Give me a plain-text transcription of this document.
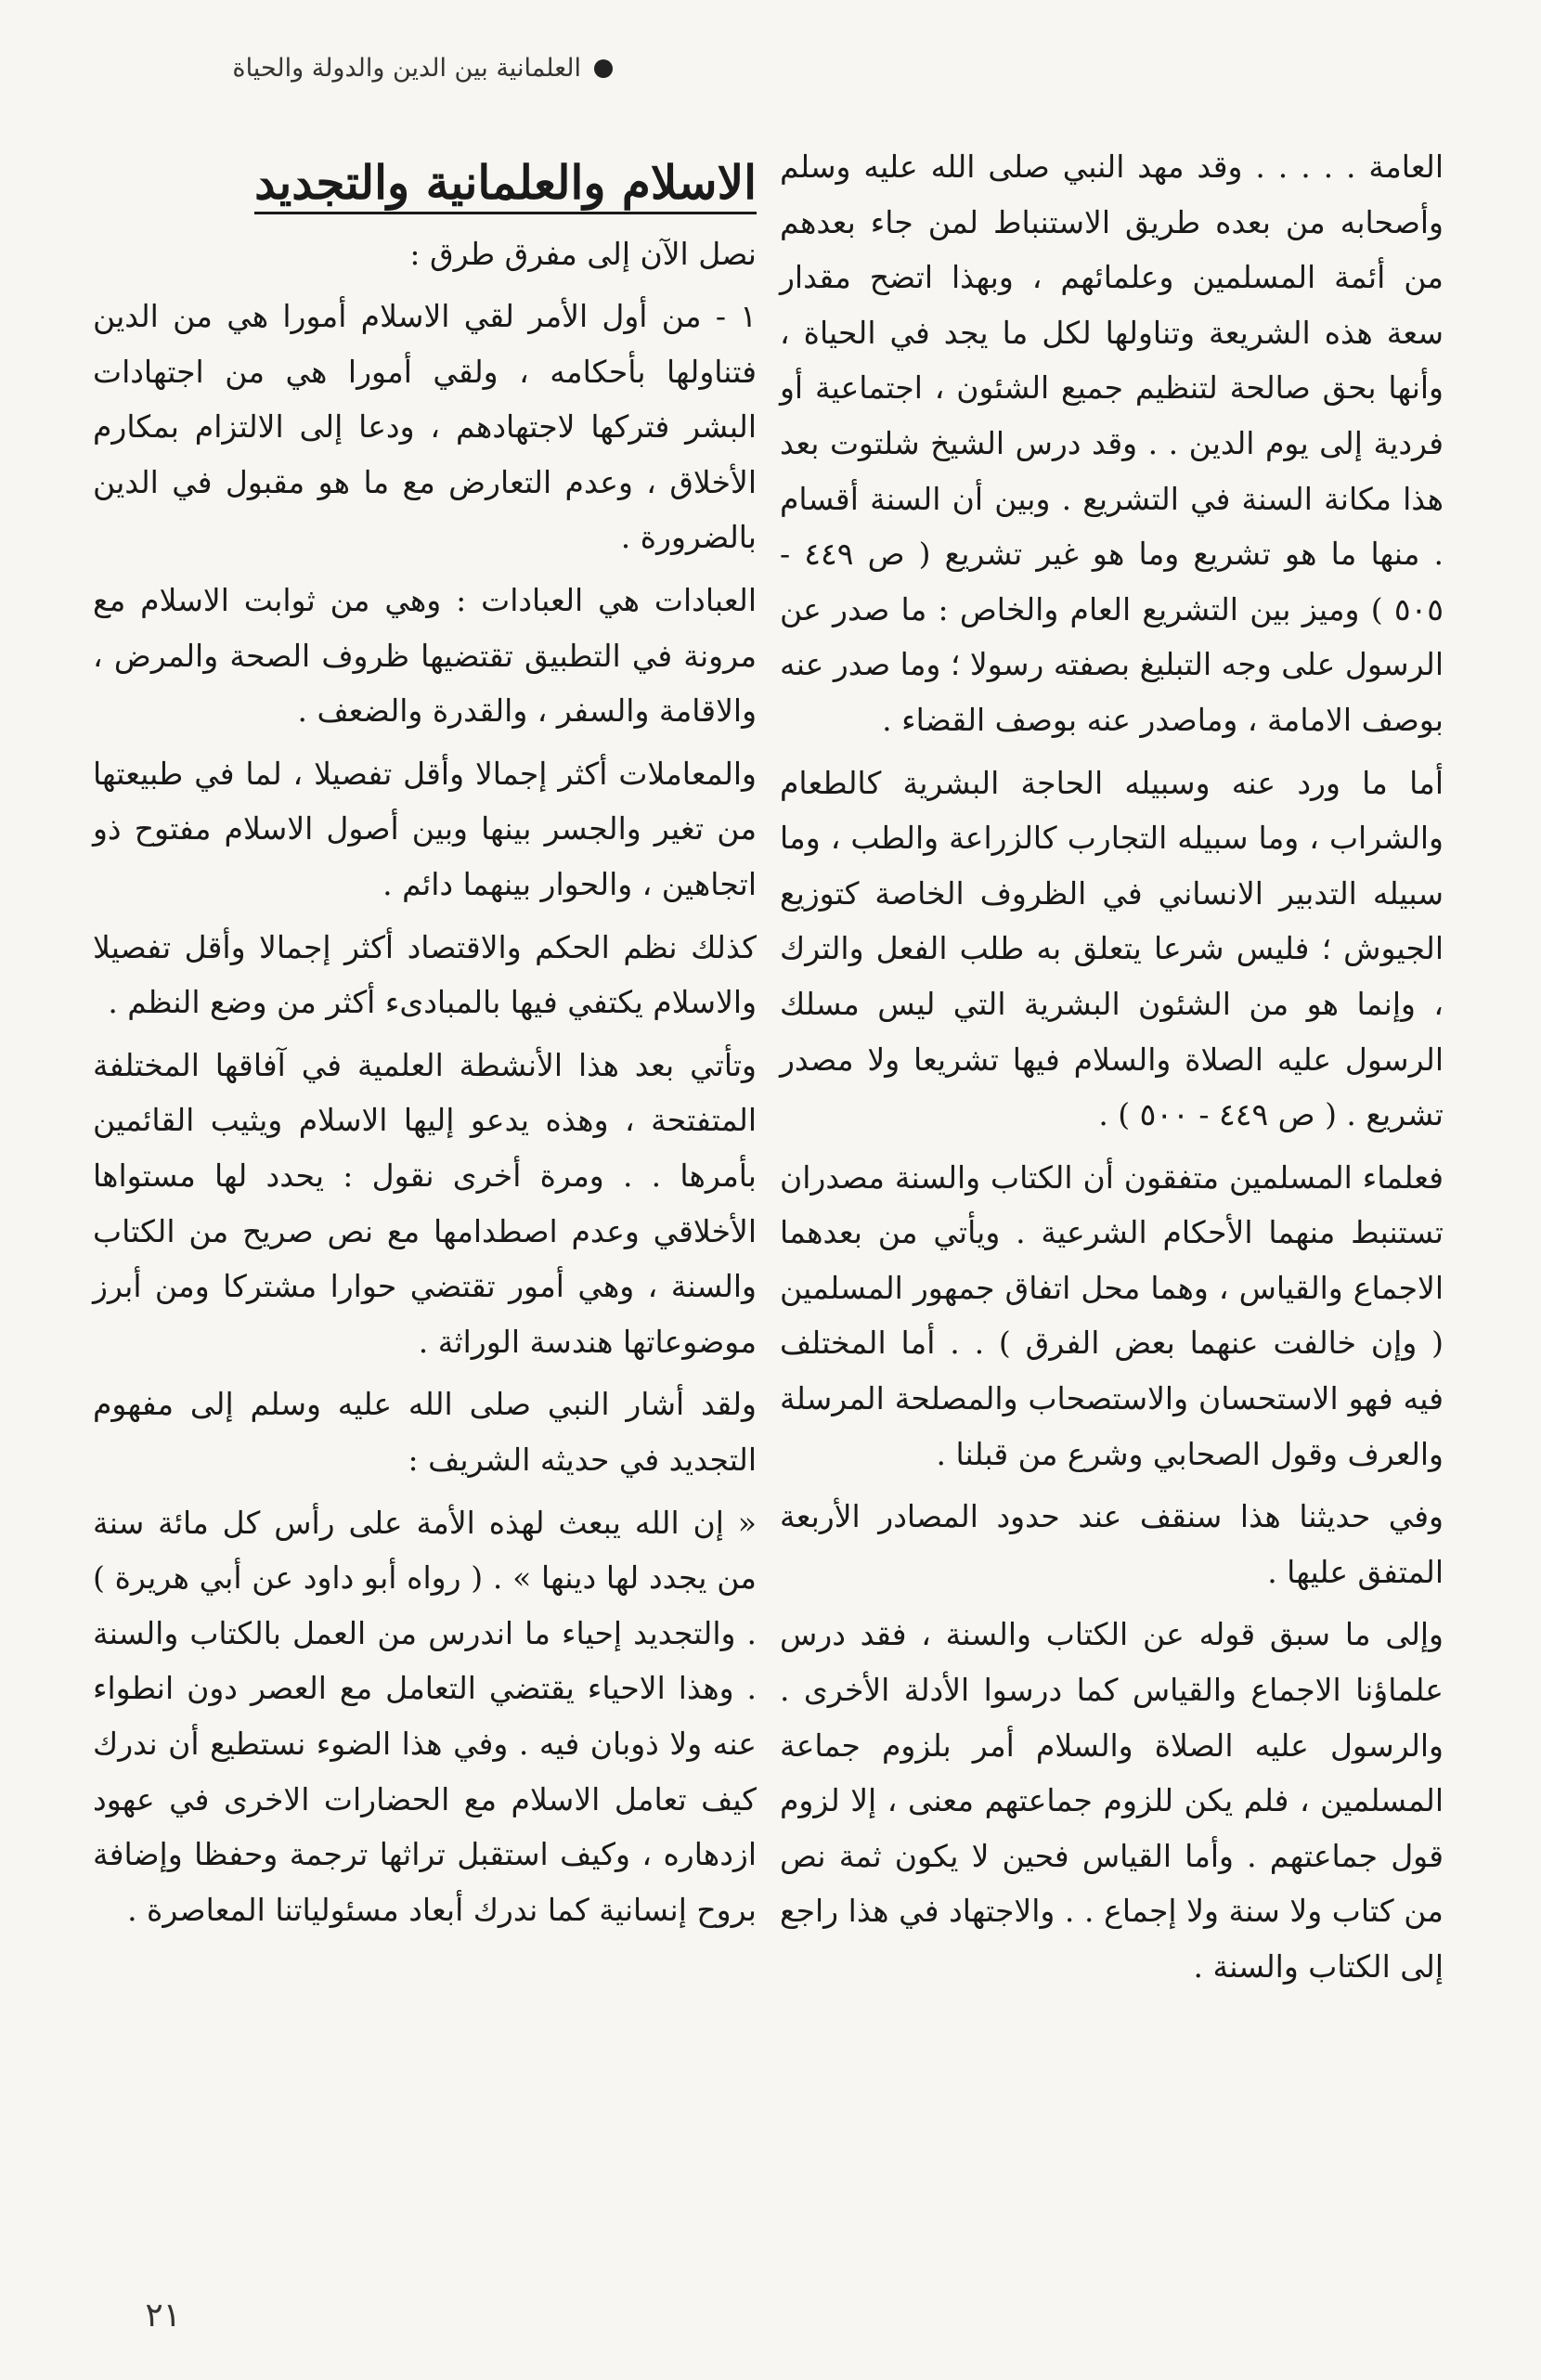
العلمانية بين الدين والدولة والحياة

العامة . . . . . وقد مهد النبي صلى الله عليه وسلم وأصحابه من بعده طريق الاستنباط لمن جاء بعدهم من أئمة المسلمين وعلمائهم ، وبهذا اتضح مقدار سعة هذه الشريعة وتناولها لكل ما يجد في الحياة ، وأنها بحق صالحة لتنظيم جميع الشئون ، اجتماعية أو فردية إلى يوم الدين . . وقد درس الشيخ شلتوت بعد هذا مكانة السنة في التشريع . وبين أن السنة أقسام . منها ما هو تشريع وما هو غير تشريع ( ص ٤٤٩ - ٥٠٥ ) وميز بين التشريع العام والخاص : ما صدر عن الرسول على وجه التبليغ بصفته رسولا ؛ وما صدر عنه بوصف الامامة ، وماصدر عنه بوصف القضاء .

أما ما ورد عنه وسبيله الحاجة البشرية كالطعام والشراب ، وما سبيله التجارب كالزراعة والطب ، وما سبيله التدبير الانساني في الظروف الخاصة كتوزيع الجيوش ؛ فليس شرعا يتعلق به طلب الفعل والترك ، وإنما هو من الشئون البشرية التي ليس مسلك الرسول عليه الصلاة والسلام فيها تشريعا ولا مصدر تشريع . ( ص ٤٤٩ - ٥٠٠ ) .

فعلماء المسلمين متفقون أن الكتاب والسنة مصدران تستنبط منهما الأحكام الشرعية . ويأتي من بعدهما الاجماع والقياس ، وهما محل اتفاق جمهور المسلمين ( وإن خالفت عنهما بعض الفرق ) . . أما المختلف فيه فهو الاستحسان والاستصحاب والمصلحة المرسلة والعرف وقول الصحابي وشرع من قبلنا .

وفي حديثنا هذا سنقف عند حدود المصادر الأربعة المتفق عليها .

وإلى ما سبق قوله عن الكتاب والسنة ، فقد درس علماؤنا الاجماع والقياس كما درسوا الأدلة الأخرى . والرسول عليه الصلاة والسلام أمر بلزوم جماعة المسلمين ، فلم يكن للزوم جماعتهم معنى ، إلا لزوم قول جماعتهم . وأما القياس فحين لا يكون ثمة نص من كتاب ولا سنة ولا إجماع . . والاجتهاد في هذا راجع إلى الكتاب والسنة .

الاسلام والعلمانية والتجديد

نصل الآن إلى مفرق طرق :

١ - من أول الأمر لقي الاسلام أمورا هي من الدين فتناولها بأحكامه ، ولقي أمورا هي من اجتهادات البشر فتركها لاجتهادهم ، ودعا إلى الالتزام بمكارم الأخلاق ، وعدم التعارض مع ما هو مقبول في الدين بالضرورة .

العبادات هي العبادات : وهي من ثوابت الاسلام مع مرونة في التطبيق تقتضيها ظروف الصحة والمرض ، والاقامة والسفر ، والقدرة والضعف .

والمعاملات أكثر إجمالا وأقل تفصيلا ، لما في طبيعتها من تغير والجسر بينها وبين أصول الاسلام مفتوح ذو اتجاهين ، والحوار بينهما دائم .

كذلك نظم الحكم والاقتصاد أكثر إجمالا وأقل تفصيلا والاسلام يكتفي فيها بالمبادىء أكثر من وضع النظم .

وتأتي بعد هذا الأنشطة العلمية في آفاقها المختلفة المتفتحة ، وهذه يدعو إليها الاسلام ويثيب القائمين بأمرها . . ومرة أخرى نقول : يحدد لها مستواها الأخلاقي وعدم اصطدامها مع نص صريح من الكتاب والسنة ، وهي أمور تقتضي حوارا مشتركا ومن أبرز موضوعاتها هندسة الوراثة .

ولقد أشار النبي صلى الله عليه وسلم إلى مفهوم التجديد في حديثه الشريف :

« إن الله يبعث لهذه الأمة على رأس كل مائة سنة من يجدد لها دينها » . ( رواه أبو داود عن أبي هريرة ) . والتجديد إحياء ما اندرس من العمل بالكتاب والسنة . وهذا الاحياء يقتضي التعامل مع العصر دون انطواء عنه ولا ذوبان فيه . وفي هذا الضوء نستطيع أن ندرك كيف تعامل الاسلام مع الحضارات الاخرى في عهود ازدهاره ، وكيف استقبل تراثها ترجمة وحفظا وإضافة بروح إنسانية كما ندرك أبعاد مسئولياتنا المعاصرة .

٢١
